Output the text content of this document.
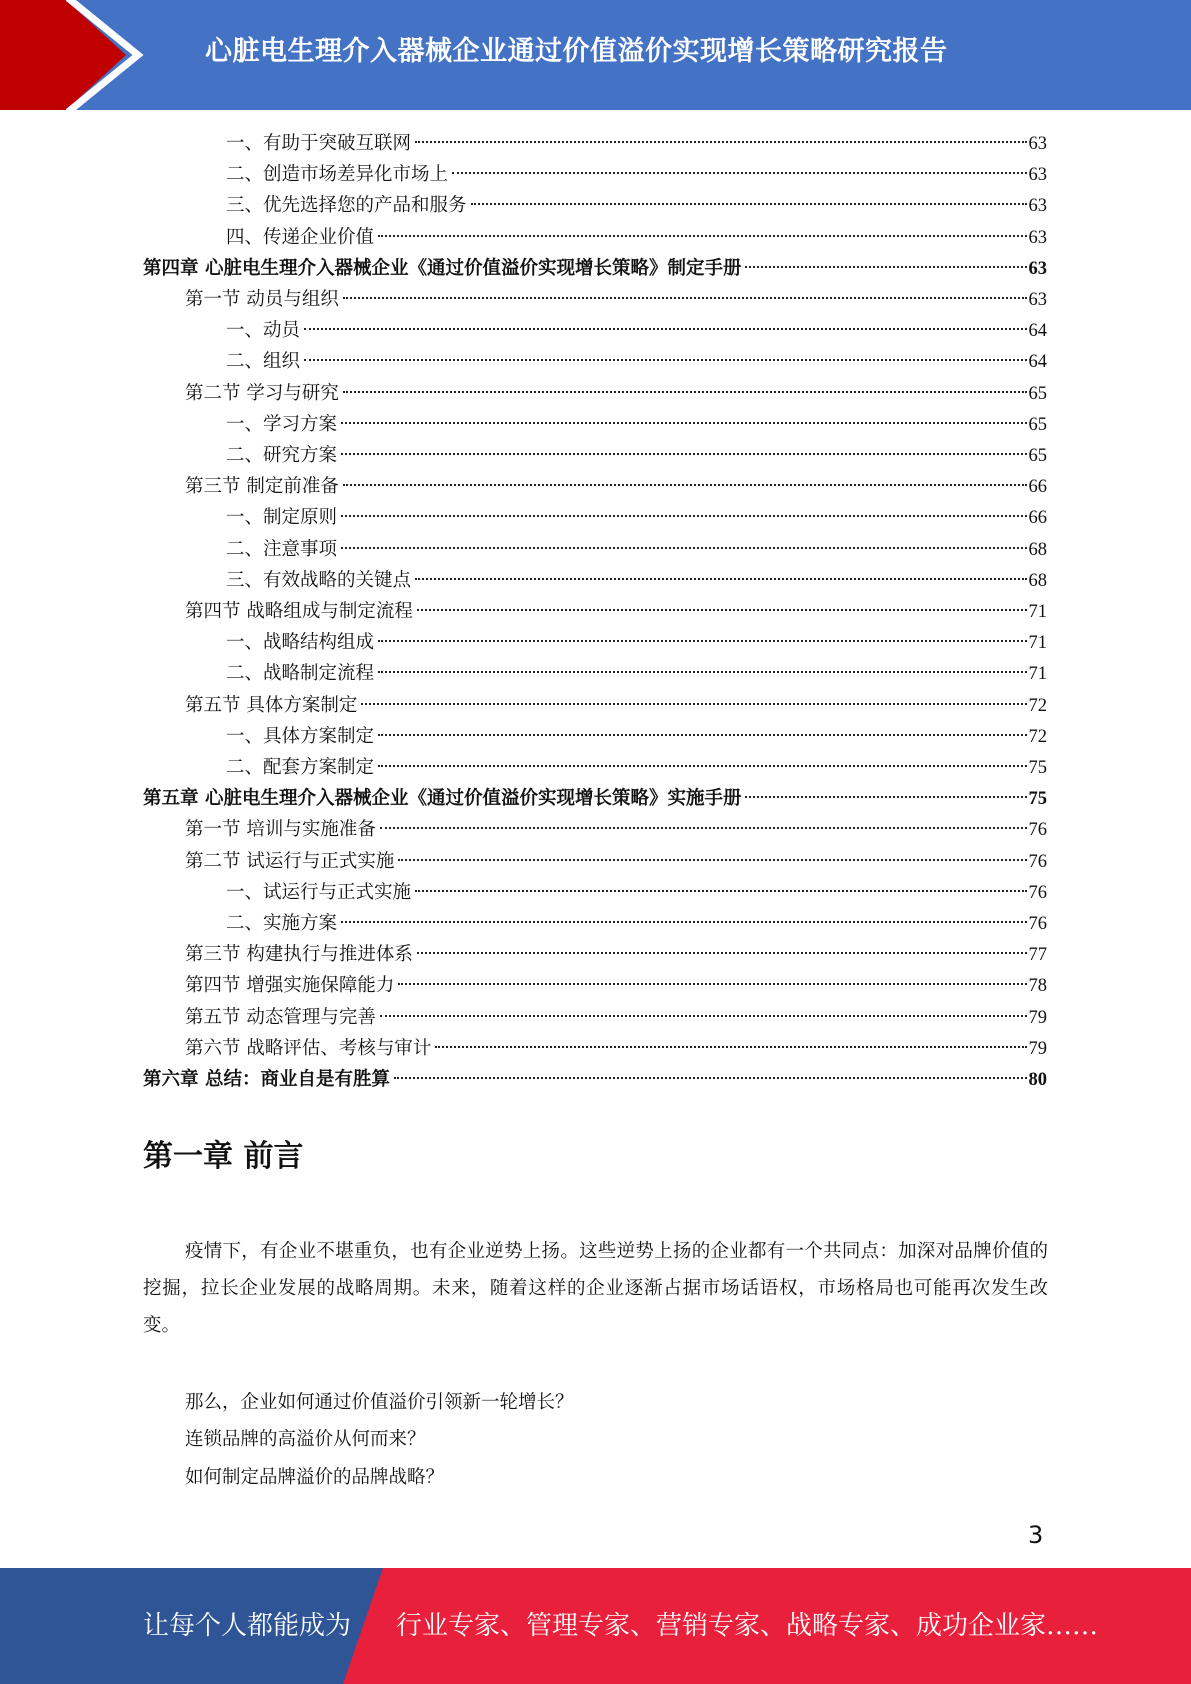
心脏电生理介入器械企业通过价值溢价实现增长策略研究报告
一、有助于突破互联网	63
二、创造市场差异化市场上	63
三、优先选择您的产品和服务	63
四、传递企业价值	63
第四章 心脏电生理介入器械企业《通过价值溢价实现增长策略》制定手册	63
第一节 动员与组织	63
一、动员	64
二、组织	64
第二节 学习与研究	65
一、学习方案	65
二、研究方案	65
第三节 制定前准备	66
一、制定原则	66
二、注意事项	68
三、有效战略的关键点	68
第四节 战略组成与制定流程	71
一、战略结构组成	71
二、战略制定流程	71
第五节 具体方案制定	72
一、具体方案制定	72
二、配套方案制定	75
第五章 心脏电生理介入器械企业《通过价值溢价实现增长策略》实施手册	75
第一节 培训与实施准备	76
第二节 试运行与正式实施	76
一、试运行与正式实施	76
二、实施方案	76
第三节 构建执行与推进体系	77
第四节 增强实施保障能力	78
第五节 动态管理与完善	79
第六节 战略评估、考核与审计	79
第六章 总结：商业自是有胜算	80
第一章 前言
疫情下，有企业不堪重负，也有企业逆势上扬。这些逆势上扬的企业都有一个共同点：加深对品牌价值的挖掘，拉长企业发展的战略周期。未来，随着这样的企业逐渐占据市场话语权，市场格局也可能再次发生改变。
那么，企业如何通过价值溢价引领新一轮增长？
连锁品牌的高溢价从何而来？
如何制定品牌溢价的品牌战略？
3
让每个人都能成为 行业专家、管理专家、营销专家、战略专家、成功企业家……
